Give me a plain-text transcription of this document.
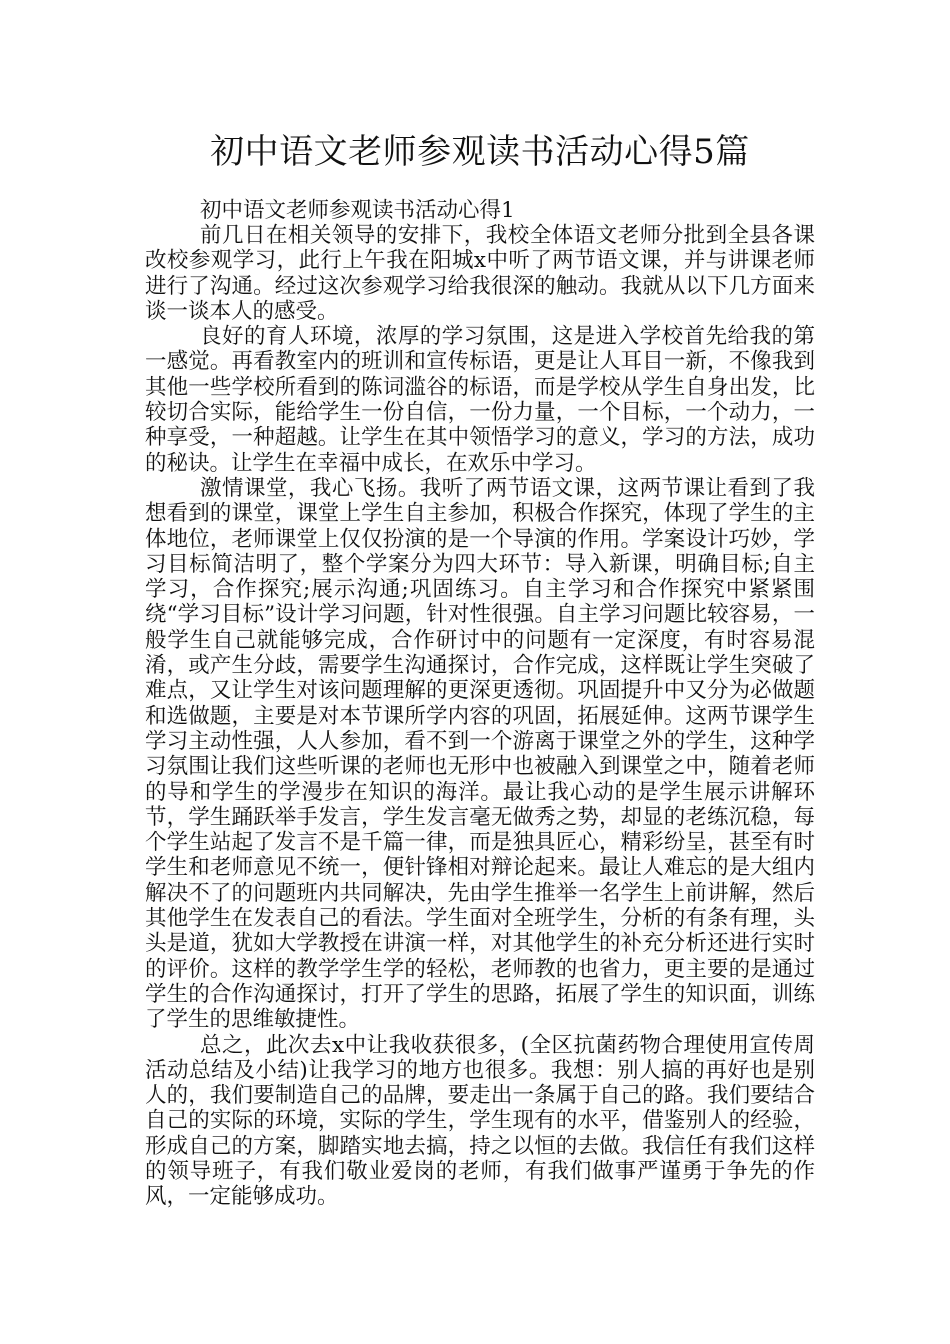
初中语文老师参观读书活动心得5篇

初中语文老师参观读书活动心得1

前几日在相关领导的安排下，我校全体语文老师分批到全县各课改校参观学习，此行上午我在阳城x中听了两节语文课，并与讲课老师进行了沟通。经过这次参观学习给我很深的触动。我就从以下几方面来谈一谈本人的感受。

良好的育人环境，浓厚的学习氛围，这是进入学校首先给我的第一感觉。再看教室内的班训和宣传标语，更是让人耳目一新，不像我到其他一些学校所看到的陈词滥谷的标语，而是学校从学生自身出发，比较切合实际，能给学生一份自信，一份力量，一个目标，一个动力，一种享受，一种超越。让学生在其中领悟学习的意义，学习的方法，成功的秘诀。让学生在幸福中成长，在欢乐中学习。

激情课堂，我心飞扬。我听了两节语文课，这两节课让看到了我想看到的课堂，课堂上学生自主参加，积极合作探究，体现了学生的主体地位，老师课堂上仅仅扮演的是一个导演的作用。学案设计巧妙，学习目标简洁明了，整个学案分为四大环节：导入新课，明确目标;自主学习，合作探究;展示沟通;巩固练习。自主学习和合作探究中紧紧围绕“学习目标”设计学习问题，针对性很强。自主学习问题比较容易，一般学生自己就能够完成，合作研讨中的问题有一定深度，有时容易混淆，或产生分歧，需要学生沟通探讨，合作完成，这样既让学生突破了难点，又让学生对该问题理解的更深更透彻。巩固提升中又分为必做题和选做题，主要是对本节课所学内容的巩固，拓展延伸。这两节课学生学习主动性强，人人参加，看不到一个游离于课堂之外的学生，这种学习氛围让我们这些听课的老师也无形中也被融入到课堂之中，随着老师的导和学生的学漫步在知识的海洋。最让我心动的是学生展示讲解环节，学生踊跃举手发言，学生发言毫无做秀之势，却显的老练沉稳，每个学生站起了发言不是千篇一律，而是独具匠心，精彩纷呈，甚至有时学生和老师意见不统一，便针锋相对辩论起来。最让人难忘的是大组内解决不了的问题班内共同解决，先由学生推举一名学生上前讲解，然后其他学生在发表自己的看法。学生面对全班学生，分析的有条有理，头头是道，犹如大学教授在讲演一样，对其他学生的补充分析还进行实时的评价。这样的教学学生学的轻松，老师教的也省力，更主要的是通过学生的合作沟通探讨，打开了学生的思路，拓展了学生的知识面，训练了学生的思维敏捷性。

总之，此次去x中让我收获很多，(全区抗菌药物合理使用宣传周活动总结及小结)让我学习的地方也很多。我想：别人搞的再好也是别人的，我们要制造自己的品牌，要走出一条属于自己的路。我们要结合自己的实际的环境，实际的学生，学生现有的水平，借鉴别人的经验，形成自己的方案，脚踏实地去搞，持之以恒的去做。我信任有我们这样的领导班子，有我们敬业爱岗的老师，有我们做事严谨勇于争先的作风，一定能够成功。
